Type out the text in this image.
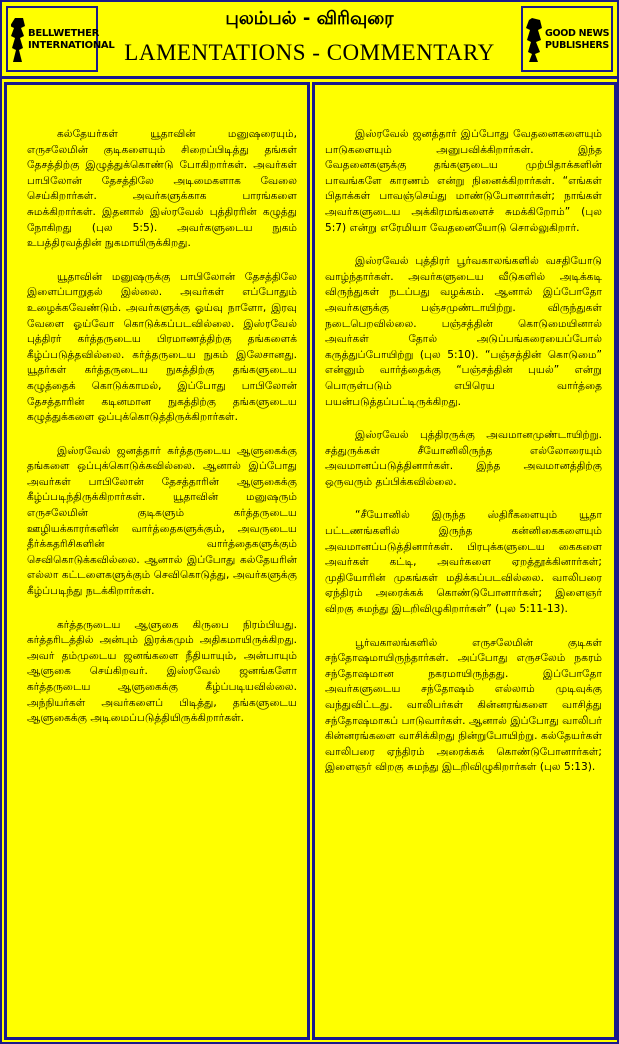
BELLWETHER
INTERNATIONAL
புலம்பல் - விரிவுரை
LAMENTATIONS - COMMENTARY
GOOD NEWS
PUBLISHERS

கல்தேயர்கள் யூதாவின் மனுஷரையும், எருசலேமின் குடிகளையும் சிறைப்பிடித்து தங்கள் தேசத்திற்கு இழுத்துக்கொண்டு போகிறார்கள். அவர்கள் பாபிலோன் தேசத்திலே அடிமைகளாக வேலை செய்கிறார்கள். அவர்களுக்காக பாரங்களை சுமக்கிறார்கள். இதனால் இஸ்ரவேல் புத்திரரின் கழுத்து நோகிறது (புல 5:5). அவர்களுடைய நுகம் உபத்திரவத்தின் நுகமாயிருக்கிறது.

யூதாவின் மனுஷருக்கு பாபிலோன் தேசத்திலே இளைப்பாறுதல் இல்லை. அவர்கள் எப்போதும் உழைக்கவேண்டும். அவர்களுக்கு ஓய்வு நாளோ, இரவு வேளை ஓய்வோ கொடுக்கப்படவில்லை. இஸ்ரவேல் புத்திரர் கர்த்தருடைய பிரமாணத்திற்கு தங்களைக் கீழ்ப்படுத்தவில்லை. கர்த்தருடைய நுகம் இலேசானது. யூதர்கள் கர்த்தருடைய நுகத்திற்கு தங்களுடைய கழுத்தைக் கொடுக்காமல், இப்போது பாபிலோன் தேசத்தாரின் கடினமான நுகத்திற்கு தங்களுடைய கழுத்துக்களை ஒப்புக்கொடுத்திருக்கிறார்கள்.

இஸ்ரவேல் ஜனத்தார் கர்த்தருடைய ஆளுகைக்கு தங்களை ஒப்புக்கொடுக்கவில்லை. ஆனால் இப்போது அவர்கள் பாபிலோன் தேசத்தாரின் ஆளுகைக்கு கீழ்ப்படிந்திருக்கிறார்கள். யூதாவின் மனுஷரும் எருசலேமின் குடிகளும் கர்த்தருடைய ஊழியக்காரர்களின் வார்த்தைகளுக்கும், அவருடைய தீர்க்கதரிசிகளின் வார்த்தைகளுக்கும் செவிகொடுக்கவில்லை. ஆனால் இப்போது கல்தேயரின் எல்லா கட்டளைகளுக்கும் செவிகொடுத்து, அவர்களுக்கு கீழ்ப்படிந்து நடக்கிறார்கள்.

கர்த்தருடைய ஆளுகை கிருபை நிரம்பியது. கர்த்தரிடத்தில் அன்பும் இரக்கமும் அதிகமாயிருக்கிறது. அவர் தம்முடைய ஜனங்களை நீதியாயும், அன்பாயும் ஆளுகை செய்கிறவர். இஸ்ரவேல் ஜனங்களோ கர்த்தருடைய ஆளுகைக்கு கீழ்ப்படியவில்லை. அந்நியர்கள் அவர்களைப் பிடித்து, தங்களுடைய ஆளுகைக்கு அடிமைப்படுத்தியிருக்கிறார்கள்.

இஸ்ரவேல் ஜனத்தார் இப்போது வேதனைகளையும் பாடுகளையும் அனுபவிக்கிறார்கள். இந்த வேதனைகளுக்கு தங்களுடைய முற்பிதாக்களின் பாவங்களே காரணம் என்று நினைக்கிறார்கள். “எங்கள் பிதாக்கள் பாவஞ்செய்து மாண்டுபோனார்கள்; நாங்கள் அவர்களுடைய அக்கிரமங்களைச் சுமக்கிறோம்” (புல 5:7) என்று எரேமியா வேதனையோடு சொல்லுகிறார்.

இஸ்ரவேல் புத்திரர் பூர்வகாலங்களில் வசதியோடு வாழ்ந்தார்கள். அவர்களுடைய வீடுகளில் அடிக்கடி விருந்துகள் நடப்பது வழக்கம். ஆனால் இப்போதோ அவர்களுக்கு பஞ்சமுண்டாயிற்று. விருந்துகள் நடைபெறவில்லை. பஞ்சத்தின் கொடுமையினால் அவர்கள் தோல் அடுப்பங்கரையைப்போல் கருத்துப்போயிற்று (புல 5:10). “பஞ்சத்தின் கொடுமை” என்னும் வார்த்தைக்கு “பஞ்சத்தின் புயல்” என்று பொருள்படும் எபிரெய வார்த்தை பயன்படுத்தப்பட்டிருக்கிறது.

இஸ்ரவேல் புத்திரருக்கு அவமானமுண்டாயிற்று. சத்துருக்கள் சீயோனிலிருந்த எல்லோரையும் அவமானப்படுத்தினார்கள். இந்த அவமானத்திற்கு ஒருவரும் தப்பிக்கவில்லை.

“சீயோனில் இருந்த ஸ்திரீகளையும் யூதா பட்டணங்களில் இருந்த கன்னிகைகளையும் அவமானப்படுத்தினார்கள். பிரபுக்களுடைய கைகளை அவர்கள் கட்டி, அவர்களை ஏறத்தூக்கினார்கள்; முதியோரின் முகங்கள் மதிக்கப்படவில்லை. வாலிபரை ஏந்திரம் அரைக்கக் கொண்டுபோனார்கள்; இளைஞர் விறகு சுமந்து இடறிவிழுகிறார்கள்” (புல 5:11-13).

பூர்வகாலங்களில் எருசலேமின் குடிகள் சந்தோஷமாயிருந்தார்கள். அப்போது எருசலேம் நகரம் சந்தோஷமான நகரமாயிருந்தது. இப்போதோ அவர்களுடைய சந்தோஷம் எல்லாம் முடிவுக்கு வந்துவிட்டது. வாலிபர்கள் கின்னரங்களை வாசித்து சந்தோஷமாகப் பாடுவார்கள். ஆனால் இப்போது வாலிபர் கின்னரங்களை வாசிக்கிறது நின்றுபோயிற்று. கல்தேயர்கள் வாலிபரை ஏந்திரம் அரைக்கக் கொண்டுபோனார்கள்; இளைஞர் விறகு சுமந்து இடறிவிழுகிறார்கள் (புல 5:13).
